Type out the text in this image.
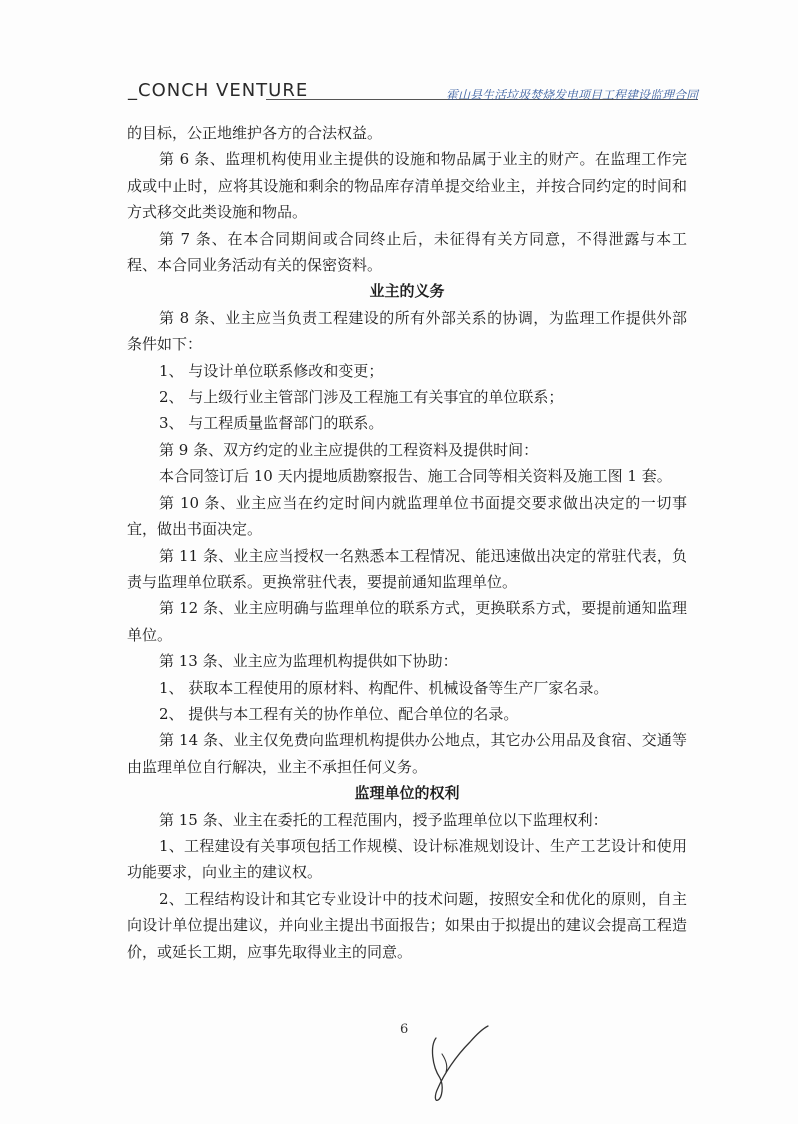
_CONCH VENTURE	霍山县生活垃圾焚烧发电项目工程建设监理合同

的目标，公正地维护各方的合法权益。

第 6 条、监理机构使用业主提供的设施和物品属于业主的财产。在监理工作完成或中止时，应将其设施和剩余的物品库存清单提交给业主，并按合同约定的时间和方式移交此类设施和物品。

第 7 条、在本合同期间或合同终止后，未征得有关方同意，不得泄露与本工程、本合同业务活动有关的保密资料。

业主的义务

第 8 条、业主应当负责工程建设的所有外部关系的协调，为监理工作提供外部条件如下：

1、 与设计单位联系修改和变更；

2、 与上级行业主管部门涉及工程施工有关事宜的单位联系；

3、 与工程质量监督部门的联系。

第 9 条、双方约定的业主应提供的工程资料及提供时间：

本合同签订后 10 天内提地质勘察报告、施工合同等相关资料及施工图 1 套。

第 10 条、业主应当在约定时间内就监理单位书面提交要求做出决定的一切事宜，做出书面决定。

第 11 条、业主应当授权一名熟悉本工程情况、能迅速做出决定的常驻代表，负责与监理单位联系。更换常驻代表，要提前通知监理单位。

第 12 条、业主应明确与监理单位的联系方式，更换联系方式，要提前通知监理单位。

第 13 条、业主应为监理机构提供如下协助：

1、 获取本工程使用的原材料、构配件、机械设备等生产厂家名录。

2、 提供与本工程有关的协作单位、配合单位的名录。

第 14 条、业主仅免费向监理机构提供办公地点，其它办公用品及食宿、交通等由监理单位自行解决，业主不承担任何义务。

监理单位的权利

第 15 条、业主在委托的工程范围内，授予监理单位以下监理权利：

1、工程建设有关事项包括工作规模、设计标准规划设计、生产工艺设计和使用功能要求，向业主的建议权。

2、工程结构设计和其它专业设计中的技术问题，按照安全和优化的原则，自主向设计单位提出建议，并向业主提出书面报告；如果由于拟提出的建议会提高工程造价，或延长工期，应事先取得业主的同意。

6
